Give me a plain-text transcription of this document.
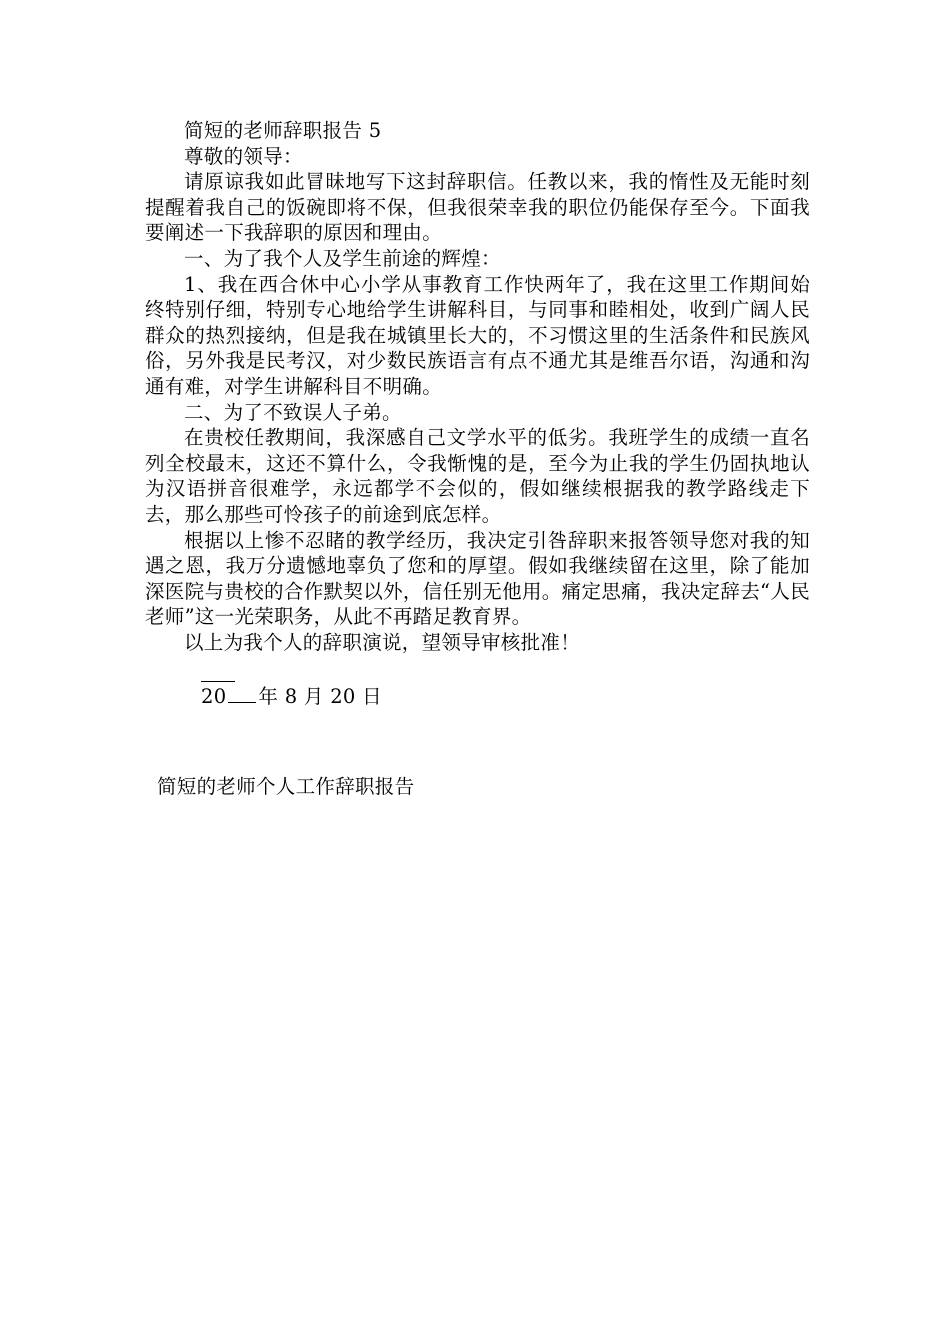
简短的老师辞职报告 5

尊敬的领导：

请原谅我如此冒昧地写下这封辞职信。任教以来，我的惰性及无能时刻提醒着我自己的饭碗即将不保，但我很荣幸我的职位仍能保存至今。下面我要阐述一下我辞职的原因和理由。

一、为了我个人及学生前途的辉煌：

1、我在西合休中心小学从事教育工作快两年了，我在这里工作期间始终特别仔细，特别专心地给学生讲解科目，与同事和睦相处，收到广阔人民群众的热烈接纳，但是我在城镇里长大的，不习惯这里的生活条件和民族风俗，另外我是民考汉，对少数民族语言有点不通尤其是维吾尔语，沟通和沟通有难，对学生讲解科目不明确。

二、为了不致误人子弟。

在贵校任教期间，我深感自己文学水平的低劣。我班学生的成绩一直名列全校最末，这还不算什么，令我惭愧的是，至今为止我的学生仍固执地认为汉语拼音很难学，永远都学不会似的，假如继续根据我的教学路线走下去，那么那些可怜孩子的前途到底怎样。

根据以上惨不忍睹的教学经历，我决定引咎辞职来报答领导您对我的知遇之恩，我万分遗憾地辜负了您和的厚望。假如我继续留在这里，除了能加深医院与贵校的合作默契以外，信任别无他用。痛定思痛，我决定辞去“人民老师”这一光荣职务，从此不再踏足教育界。

以上为我个人的辞职演说，望领导审核批准！

20 年 8 月 20 日
简短的老师个人工作辞职报告
